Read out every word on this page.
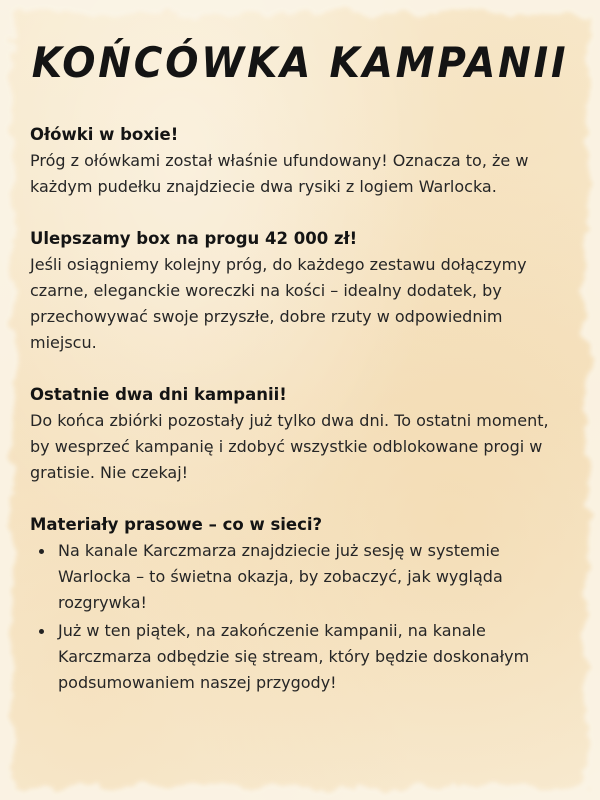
KOŃCÓWKA KAMPANII

Ołówki w boxie!

Próg z ołówkami został właśnie ufundowany! Oznacza to, że w każdym pudełku znajdziecie dwa rysiki z logiem Warlocka.

Ulepszamy box na progu 42 000 zł!

Jeśli osiągniemy kolejny próg, do każdego zestawu dołączymy czarne, eleganckie woreczki na kości – idealny dodatek, by przechowywać swoje przyszłe, dobre rzuty w odpowiednim miejscu.

Ostatnie dwa dni kampanii!

Do końca zbiórki pozostały już tylko dwa dni. To ostatni moment, by wesprzeć kampanię i zdobyć wszystkie odblokowane progi w gratisie. Nie czekaj!

Materiały prasowe – co w sieci?

Na kanale Karczmarza znajdziecie już sesję w systemie Warlocka – to świetna okazja, by zobaczyć, jak wygląda rozgrywka!
Już w ten piątek, na zakończenie kampanii, na kanale Karczmarza odbędzie się stream, który będzie doskonałym podsumowaniem naszej przygody!
